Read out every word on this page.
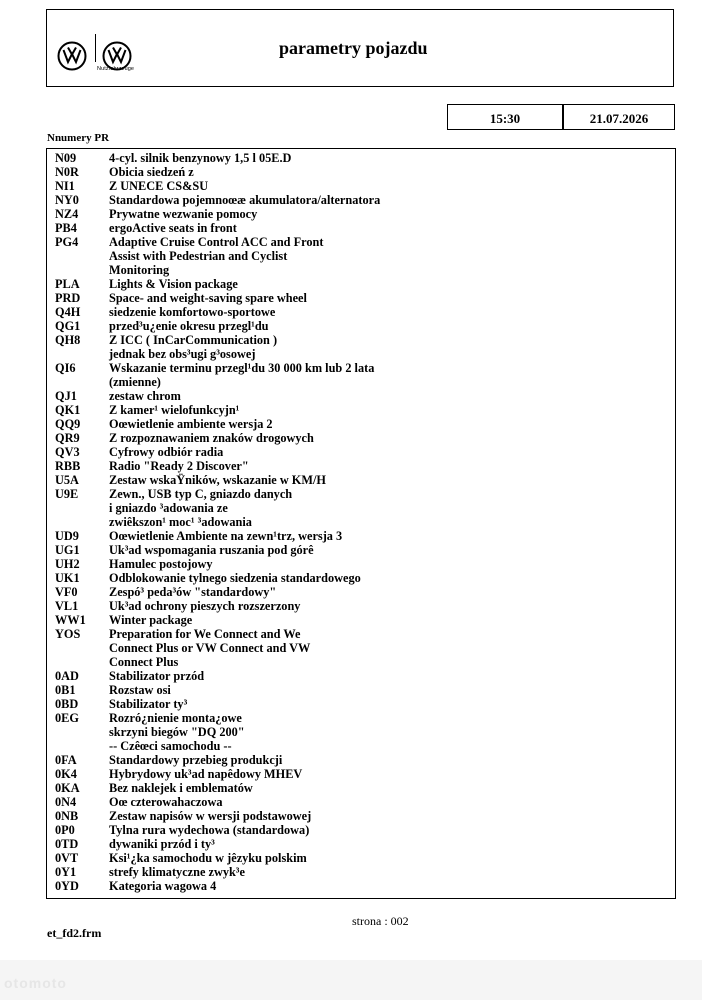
Nutzfahrzeuge
parametry pojazdu
15:30	21.07.2026
Nnumery PR
N09	4-cyl. silnik benzynowy 1,5 l 05E.D
N0R Obicia siedzeń z
NI1	Z UNECE CS&SU
NY0 Standardowa pojemnoœæ akumulatora/alternatora
NZ4	Prywatne wezwanie pomocy
PB4	ergoActive seats in front
PG4	Adaptive Cruise Control ACC and Front
Assist with Pedestrian and Cyclist
Monitoring
PLA Lights & Vision package
PRD Space- and weight-saving spare wheel
Q4H siedzenie komfortowo-sportowe
QG1 przed³u¿enie okresu przegl¹du
QH8 Z ICC ( InCarCommunication )
jednak bez obs³ugi g³osowej
QI6	Wskazanie terminu przegl¹du 30 000 km lub 2 lata
(zmienne)
QJ1	zestaw chrom
QK1 Z kamer¹ wielofunkcyjn¹
QQ9 Oœwietlenie ambiente wersja 2
QR9 Z rozpoznawaniem znaków drogowych
QV3 Cyfrowy odbiór radia
RBB Radio "Ready 2 Discover"
U5A Zestaw wskaŸników, wskazanie w KM/H
U9E	Zewn., USB typ C, gniazdo danych
i gniazdo ³adowania ze
zwiêkszon¹ moc¹ ³adowania
UD9 Oœwietlenie Ambiente na zewn¹trz, wersja 3
UG1 Uk³ad wspomagania ruszania pod górê
UH2 Hamulec postojowy
UK1 Odblokowanie tylnego siedzenia standardowego
VF0	Zespó³ peda³ów "standardowy"
VL1	Uk³ad ochrony pieszych rozszerzony
WW1 Winter package
YOS Preparation for We Connect and We
Connect Plus or VW Connect and VW
Connect Plus
0AD Stabilizator przód
0B1	Rozstaw osi
0BD	Stabilizator ty³
0EG Rozró¿nienie monta¿owe
skrzyni biegów "DQ 200"
-- Czêœci samochodu --
0FA	Standardowy przebieg produkcji
0K4	Hybrydowy uk³ad napêdowy MHEV
0KA Bez naklejek i emblematów
0N4	Oœ czterowahaczowa
0NB	Zestaw napisów w wersji podstawowej
0P0	Tylna rura wydechowa (standardowa)
0TD	dywaniki przód i ty³
0VT	Ksi¹¿ka samochodu w jêzyku polskim
0Y1	strefy klimatyczne zwyk³e
0YD Kategoria wagowa 4
strona : 002
et_fd2.frm
otomoto
